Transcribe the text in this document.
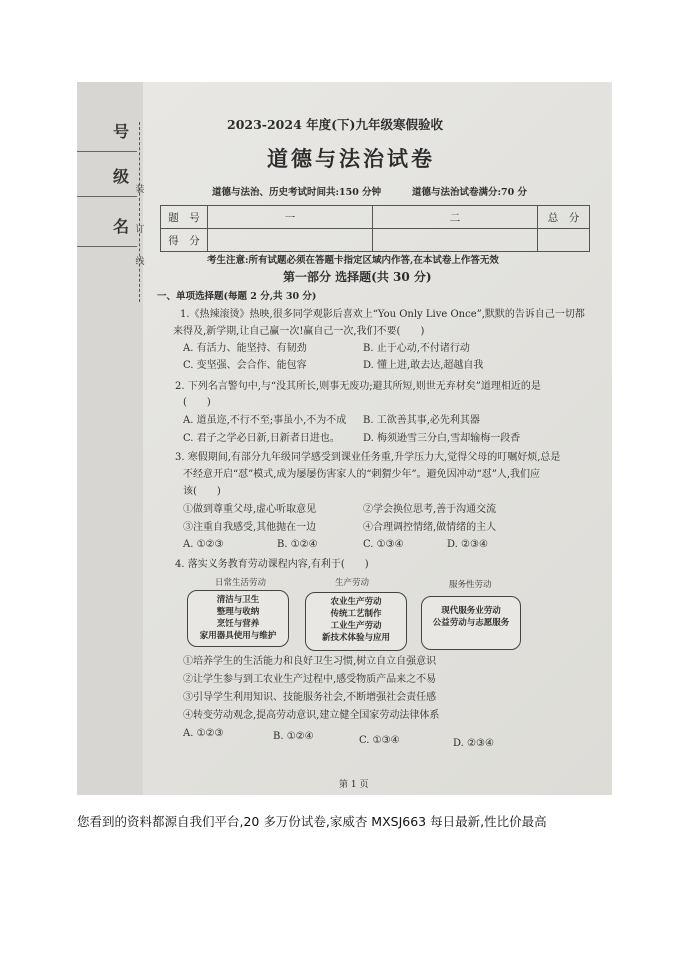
号
级
名
装
订
线
2023-2024 年度(下)九年级寒假验收
道德与法治试卷
道德与法治、历史考试时间共:150 分钟	道德与法治试卷满分:70 分
题　号	一	二	总　分
得　分			
考生注意:所有试题必须在答题卡指定区域内作答,在本试卷上作答无效
第一部分 选择题(共 30 分)
一、单项选择题(每题 2 分,共 30 分)
1.《热辣滚烫》热映,很多同学观影后喜欢上“You Only Live Once”,默默的告诉自己一切都
来得及,新学期,让自己赢一次!赢自己一次,我们不要(　　)
A. 有活力、能坚持、有韧劲	B. 止于心动,不付诸行动
C. 变坚强、会合作、能包容	D. 懂上进,敢去达,超越自我
2. 下列名言警句中,与“没其所长,则事无废功;避其所短,则世无弃材矣”道理相近的是
(　　)
A. 道虽迩,不行不至;事虽小,不为不成 B. 工欲善其事,必先利其器
C. 君子之学必日新,日新者日进也。 D. 梅须逊雪三分白,雪却输梅一段香
3. 寒假期间,有部分九年级同学感受到课业任务重,升学压力大,觉得父母的叮嘱好烦,总是
不经意开启“怼”模式,成为屡屡伤害家人的“刺猬少年”。避免因冲动“怼”人,我们应
该(　　)
①做到尊重父母,虚心听取意见	②学会换位思考,善于沟通交流
③注重自我感受,其他抛在一边	④合理调控情绪,做情绪的主人
A. ①②③	B. ①②④	C. ①③④	D. ②③④
4. 落实义务教育劳动课程内容,有利于(　　)
日常生活劳动
清洁与卫生
整理与收纳
烹饪与营养
家用器具使用与维护
生产劳动
农业生产劳动
传统工艺制作
工业生产劳动
新技术体验与应用
服务性劳动
现代服务业劳动
公益劳动与志愿服务
①培养学生的生活能力和良好卫生习惯,树立自立自强意识
②让学生参与到工农业生产过程中,感受物质产品来之不易
③引导学生利用知识、技能服务社会,不断增强社会责任感
④转变劳动观念,提高劳动意识,建立健全国家劳动法律体系
A. ①②③	B. ①②④	C. ①③④	D. ②③④
第 1 页
您看到的资料都源自我们平台,20 多万份试卷,家威杏 MXSJ663 每日最新,性比价最高
